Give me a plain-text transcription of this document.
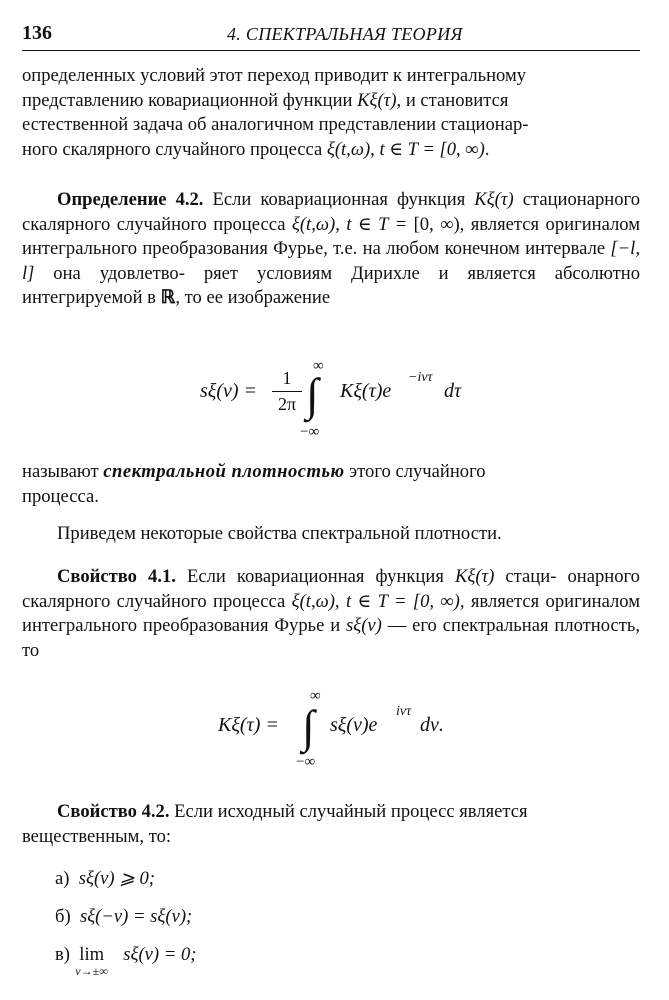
136	4. СПЕКТРАЛЬНАЯ ТЕОРИЯ

определенных условий этот переход приводит к интегральному
представлению ковариационной функции Kξ(τ), и становится
естественной задача об аналогичном представлении стационар-
ного скалярного случайного процесса ξ(t,ω), t ∈ T = [0, ∞).

Определение 4.2. Если ковариационная функция Kξ(τ) стационарного скалярного случайного процесса ξ(t,ω), t ∈ T = [0, ∞), является оригиналом интегрального преобразования Фурье, т.е. на любом конечном интервале [−l, l] она удовлетво- ряет условиям Дирихле и является абсолютно интегрируемой в ℝ, то ее изображение

sξ(ν) =
1
2π
∞
∫
−∞
Kξ(τ)e
−iντ
dτ

называют спектральной плотностью этого случайного
процесса.

Приведем некоторые свойства спектральной плотности.

Свойство 4.1. Если ковариационная функция Kξ(τ) стаци- онарного скалярного случайного процесса ξ(t,ω), t ∈ T = [0, ∞), является оригиналом интегрального преобразования Фурье и sξ(ν) — его спектральная плотность, то

Kξ(τ) =
∞
∫
−∞
sξ(ν)e
iντ
dν.

Свойство 4.2. Если исходный случайный процесс является
вещественным, то:

а) sξ(ν) ⩾ 0;
б) sξ(−ν) = sξ(ν);
в) lim
ν→±∞
sξ(ν) = 0;
